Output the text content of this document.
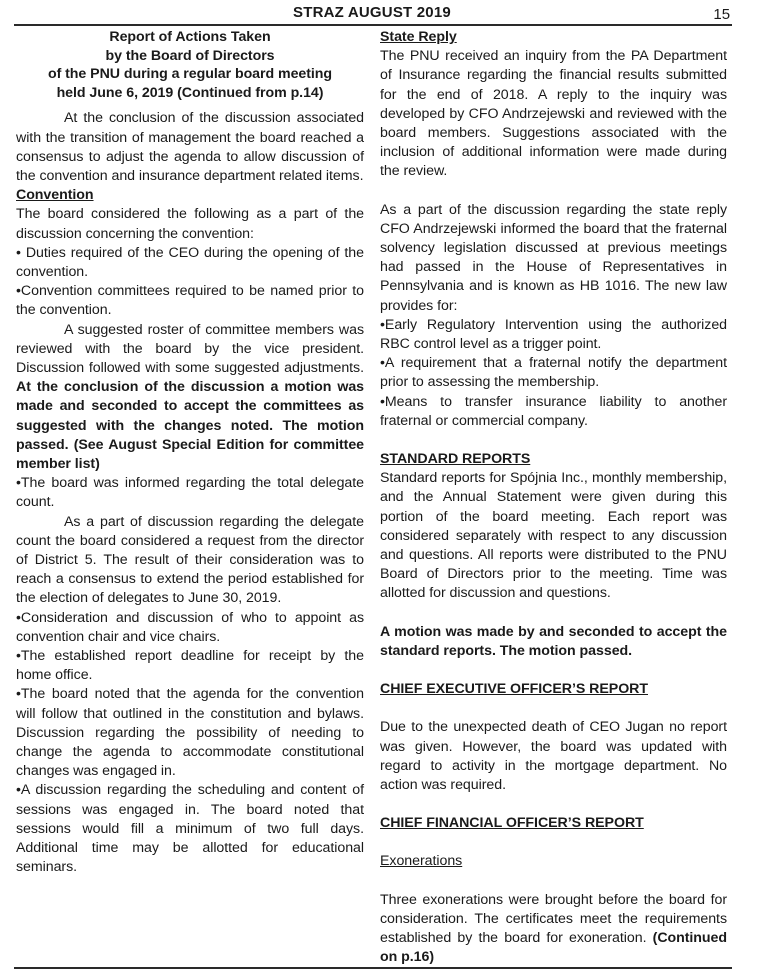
STRAZ AUGUST 2019	15
Report of Actions Taken
by the Board of Directors
of the PNU during a regular board meeting
held June 6, 2019 (Continued from p.14)

At the conclusion of the discussion associated with the transition of management the board reached a consensus to adjust the agenda to allow discussion of the convention and insurance department related items.

Convention

The board considered the following as a part of the discussion concerning the convention:

• Duties required of the CEO during the opening of the convention.

•Convention committees required to be named prior to the convention.

A suggested roster of committee members was reviewed with the board by the vice president. Discussion followed with some suggested adjustments. At the conclusion of the discussion a motion was made and seconded to accept the committees as suggested with the changes noted. The motion passed. (See August Special Edition for committee member list)

•The board was informed regarding the total delegate count.

As a part of discussion regarding the delegate count the board considered a request from the director of District 5. The result of their consideration was to reach a consensus to extend the period established for the election of delegates to June 30, 2019.

•Consideration and discussion of who to appoint as convention chair and vice chairs.

•The established report deadline for receipt by the home office.

•The board noted that the agenda for the convention will follow that outlined in the constitution and bylaws. Discussion regarding the possibility of needing to change the agenda to accommodate constitutional changes was engaged in.

•A discussion regarding the scheduling and content of sessions was engaged in. The board noted that sessions would fill a minimum of two full days. Additional time may be allotted for educational seminars.

State Reply

The PNU received an inquiry from the PA Department of Insurance regarding the financial results submitted for the end of 2018. A reply to the inquiry was developed by CFO Andrzejewski and reviewed with the board members. Suggestions associated with the inclusion of additional information were made during the review.

As a part of the discussion regarding the state reply CFO Andrzejewski informed the board that the fraternal solvency legislation discussed at previous meetings had passed in the House of Representatives in Pennsylvania and is known as HB 1016. The new law provides for:

•Early Regulatory Intervention using the authorized RBC control level as a trigger point.

•A requirement that a fraternal notify the department prior to assessing the membership.

•Means to transfer insurance liability to another fraternal or commercial company.

STANDARD REPORTS

Standard reports for Spójnia Inc., monthly membership, and the Annual Statement were given during this portion of the board meeting. Each report was considered separately with respect to any discussion and questions. All reports were distributed to the PNU Board of Directors prior to the meeting. Time was allotted for discussion and questions.

A motion was made by and seconded to accept the standard reports. The motion passed.

CHIEF EXECUTIVE OFFICER’S REPORT

Due to the unexpected death of CEO Jugan no report was given. However, the board was updated with regard to activity in the mortgage department. No action was required.

CHIEF FINANCIAL OFFICER’S REPORT

Exonerations

Three exonerations were brought before the board for consideration. The certificates meet the requirements established by the board for exoneration. (Continued on p.16)
